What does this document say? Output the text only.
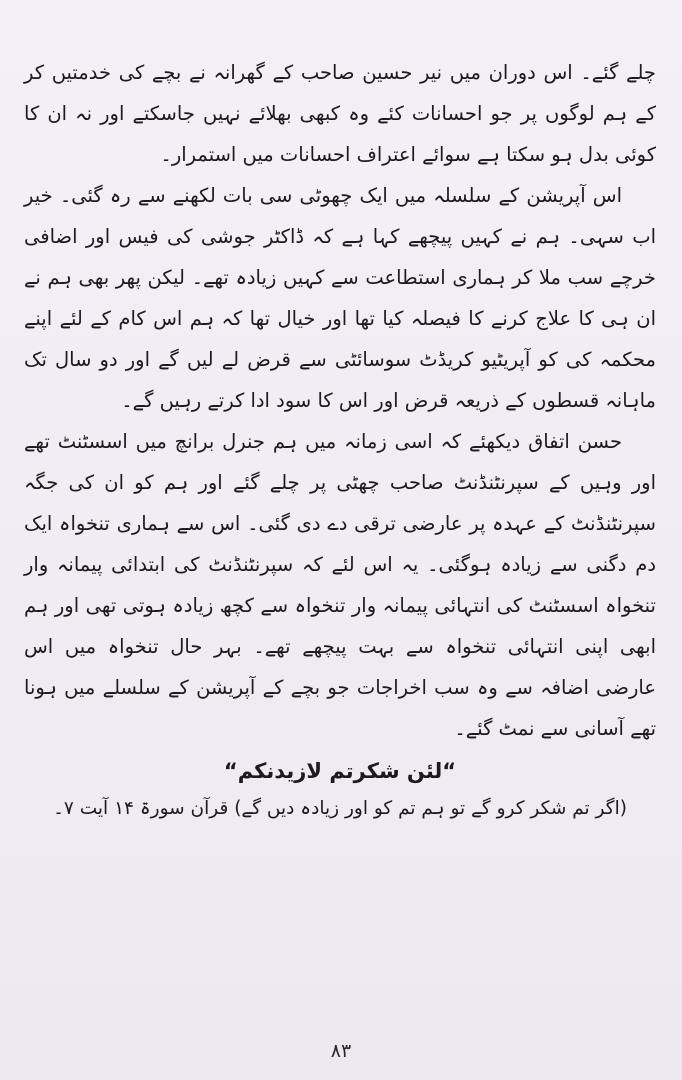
چلے گئے۔ اس دوران میں نیر حسین صاحب کے گھرانہ نے بچے کی خدمتیں کر کے ہم لوگوں پر جو احسانات کئے وہ کبھی بھلائے نہیں جاسکتے اور نہ ان کا کوئی بدل ہو سکتا ہے سوائے اعتراف احسانات میں استمرار۔

اس آپریشن کے سلسلہ میں ایک چھوٹی سی بات لکھنے سے رہ گئی۔ خیر اب سہی۔ ہم نے کہیں پیچھے کہا ہے کہ ڈاکٹر جوشی کی فیس اور اضافی خرچے سب ملا کر ہماری استطاعت سے کہیں زیادہ تھے۔ لیکن پھر بھی ہم نے ان ہی کا علاج کرنے کا فیصلہ کیا تھا اور خیال تھا کہ ہم اس کام کے لئے اپنے محکمہ کی کو آپریٹیو کریڈٹ سوسائٹی سے قرض لے لیں گے اور دو سال تک ماہانہ قسطوں کے ذریعہ قرض اور اس کا سود ادا کرتے رہیں گے۔

حسن اتفاق دیکھئے کہ اسی زمانہ میں ہم جنرل برانچ میں اسسٹنٹ تھے اور وہیں کے سپرنٹنڈنٹ صاحب چھٹی پر چلے گئے اور ہم کو ان کی جگہ سپرنٹنڈنٹ کے عہدہ پر عارضی ترقی دے دی گئی۔ اس سے ہماری تنخواہ ایک دم دگنی سے زیادہ ہوگئی۔ یہ اس لئے کہ سپرنٹنڈنٹ کی ابتدائی پیمانہ وار تنخواہ اسسٹنٹ کی انتہائی پیمانہ وار تنخواہ سے کچھ زیادہ ہوتی تھی اور ہم ابھی اپنی انتہائی تنخواہ سے بہت پیچھے تھے۔ بہر حال تنخواہ میں اس عارضی اضافہ سے وہ سب اخراجات جو بچے کے آپریشن کے سلسلے میں ہونا تھے آسانی سے نمٹ گئے۔

“لئن شکرتم لازیدنکم“

(اگر تم شکر کرو گے تو ہم تم کو اور زیادہ دیں گے) قرآن سورۃ ۱۴ آیت ۷۔

۸۳
